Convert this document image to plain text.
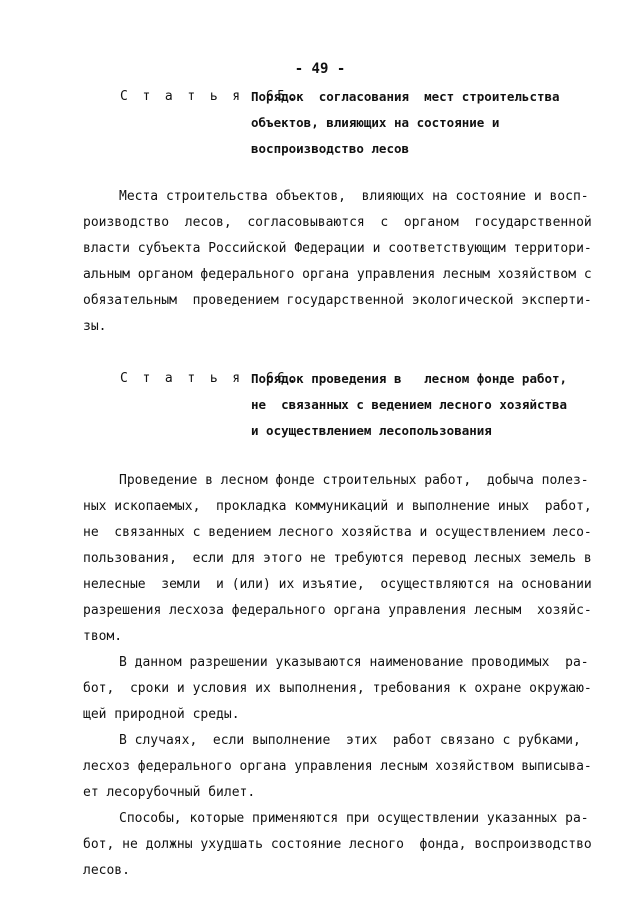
- 49 -
С т а т ь я  65.
Порядок  согласования  мест строительства
объектов, влияющих на состояние и
воспроизводство лесов
Места строительства объектов,  влияющих на состояние и восп-
роизводство  лесов,  согласовываются  с  органом  государственной
власти субъекта Российской Федерации и соответствующим территори-
альным органом федерального органа управления лесным хозяйством с
обязательным  проведением государственной экологической эксперти-
зы.
С т а т ь я  66.
Порядок проведения в   лесном фонде работ,
не  связанных с ведением лесного хозяйства
и осуществлением лесопользования
Проведение в лесном фонде строительных работ,  добыча полез-
ных ископаемых,  прокладка коммуникаций и выполнение иных  работ,
не  связанных с ведением лесного хозяйства и осуществлением лесо-
пользования,  если для этого не требуются перевод лесных земель в
нелесные  земли  и (или) их изъятие,  осуществляются на основании
разрешения лесхоза федерального органа управления лесным  хозяйс-
твом.
В данном разрешении указываются наименование проводимых  ра-
бот,  сроки и условия их выполнения, требования к охране окружаю-
щей природной среды.
В случаях,  если выполнение  этих  работ связано с рубками,
лесхоз федерального органа управления лесным хозяйством выписыва-
ет лесорубочный билет.
Способы, которые применяются при осуществлении указанных ра-
бот, не должны ухудшать состояние лесного  фонда, воспроизводство
лесов.
